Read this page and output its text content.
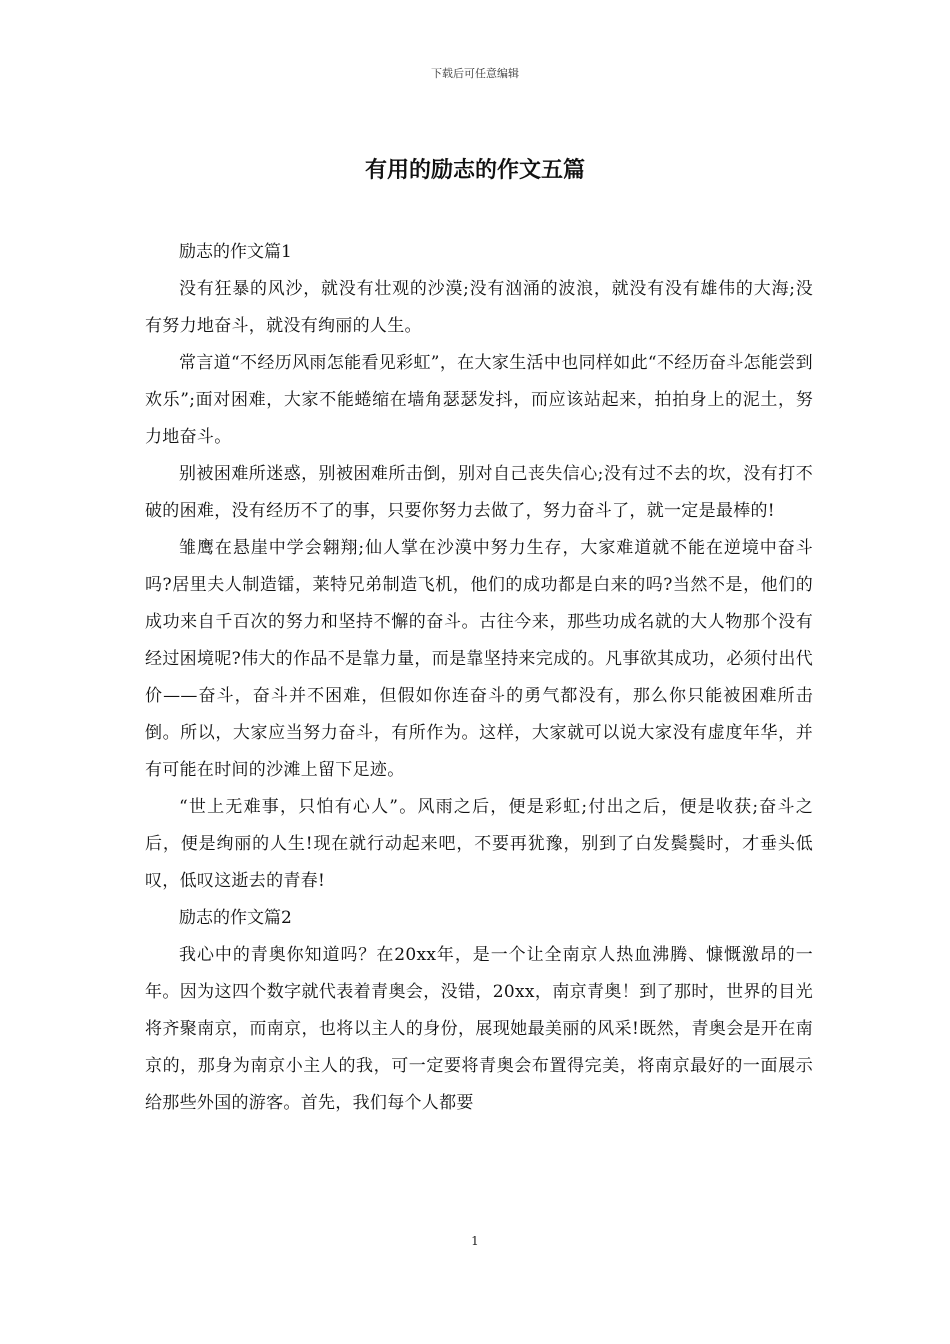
下载后可任意编辑
有用的励志的作文五篇

励志的作文篇1

没有狂暴的风沙，就没有壮观的沙漠;没有汹涌的波浪，就没有没有雄伟的大海;没有努力地奋斗，就没有绚丽的人生。

常言道“不经历风雨怎能看见彩虹”，在大家生活中也同样如此“不经历奋斗怎能尝到欢乐”;面对困难，大家不能蜷缩在墙角瑟瑟发抖，而应该站起来，拍拍身上的泥土，努力地奋斗。

别被困难所迷惑，别被困难所击倒，别对自己丧失信心;没有过不去的坎，没有打不破的困难，没有经历不了的事，只要你努力去做了，努力奋斗了，就一定是最棒的!

雏鹰在悬崖中学会翱翔;仙人掌在沙漠中努力生存，大家难道就不能在逆境中奋斗吗?居里夫人制造镭，莱特兄弟制造飞机，他们的成功都是白来的吗?当然不是，他们的成功来自千百次的努力和坚持不懈的奋斗。古往今来，那些功成名就的大人物那个没有经过困境呢?伟大的作品不是靠力量，而是靠坚持来完成的。凡事欲其成功，必须付出代价——奋斗，奋斗并不困难，但假如你连奋斗的勇气都没有，那么你只能被困难所击倒。所以，大家应当努力奋斗，有所作为。这样，大家就可以说大家没有虚度年华，并有可能在时间的沙滩上留下足迹。

“世上无难事，只怕有心人”。风雨之后，便是彩虹;付出之后，便是收获;奋斗之后，便是绚丽的人生!现在就行动起来吧，不要再犹豫，别到了白发鬓鬓时，才垂头低叹，低叹这逝去的青春!

励志的作文篇2

我心中的青奥你知道吗？在20xx年，是一个让全南京人热血沸腾、慷慨激昂的一年。因为这四个数字就代表着青奥会，没错，20xx，南京青奥！到了那时，世界的目光将齐聚南京，而南京，也将以主人的身份，展现她最美丽的风采!既然，青奥会是开在南京的，那身为南京小主人的我，可一定要将青奥会布置得完美，将南京最好的一面展示给那些外国的游客。首先，我们每个人都要

1
